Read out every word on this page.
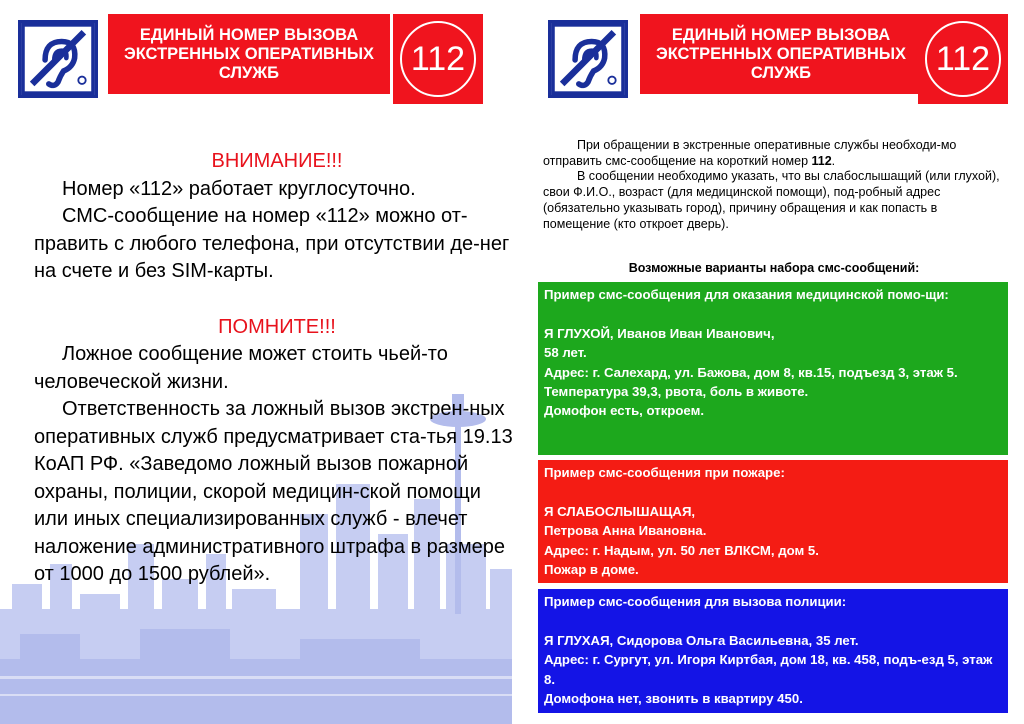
ЕДИНЫЙ НОМЕР ВЫЗОВА
ЭКСТРЕННЫХ ОПЕРАТИВНЫХ
СЛУЖБ	112
ЕДИНЫЙ НОМЕР ВЫЗОВА
ЭКСТРЕННЫХ ОПЕРАТИВНЫХ
СЛУЖБ	112
ВНИМАНИЕ!!!

Номер «112» работает круглосуточно.

СМС-сообщение на номер «112» можно от-править с любого телефона, при отсутствии де-нег на счете и без SIM-карты.

ПОМНИТЕ!!!

Ложное сообщение может стоить чьей-то человеческой жизни.

Ответственность за ложный вызов экстрен-ных оперативных служб предусматривает ста-тья 19.13 КоАП РФ. «Заведомо ложный вызов пожарной охраны, полиции, скорой медицин-ской помощи или иных специализированных служб - влечет наложение административного штрафа в размере от 1000 до 1500 рублей».

При обращении в экстренные оперативные службы необходи-мо отправить смс-сообщение на короткий номер 112.

В сообщении необходимо указать, что вы слабослышащий (или глухой), свои Ф.И.О., возраст (для медицинской помощи), под-робный адрес (обязательно указывать город), причину обращения и как попасть в помещение (кто откроет дверь).

Возможные варианты набора смс-сообщений:
Пример смс-сообщения для оказания медицинской помо-щи:
Я ГЛУХОЙ, Иванов Иван Иванович,
58 лет.
Адрес: г. Салехард, ул. Бажова, дом 8, кв.15, подъезд 3, этаж 5.
Температура 39,3, рвота, боль в животе.
Домофон есть, откроем.
Пример смс-сообщения при пожаре:
Я СЛАБОСЛЫШАЩАЯ,
Петрова Анна Ивановна.
Адрес: г. Надым, ул. 50 лет ВЛКСМ, дом 5.
Пожар в доме.
Пример смс-сообщения для вызова полиции:
Я ГЛУХАЯ, Сидорова Ольга Васильевна, 35 лет.
Адрес: г. Сургут, ул. Игоря Киртбая, дом 18, кв. 458, подъ-езд 5, этаж 8.
Домофона нет, звонить в квартиру 450.
